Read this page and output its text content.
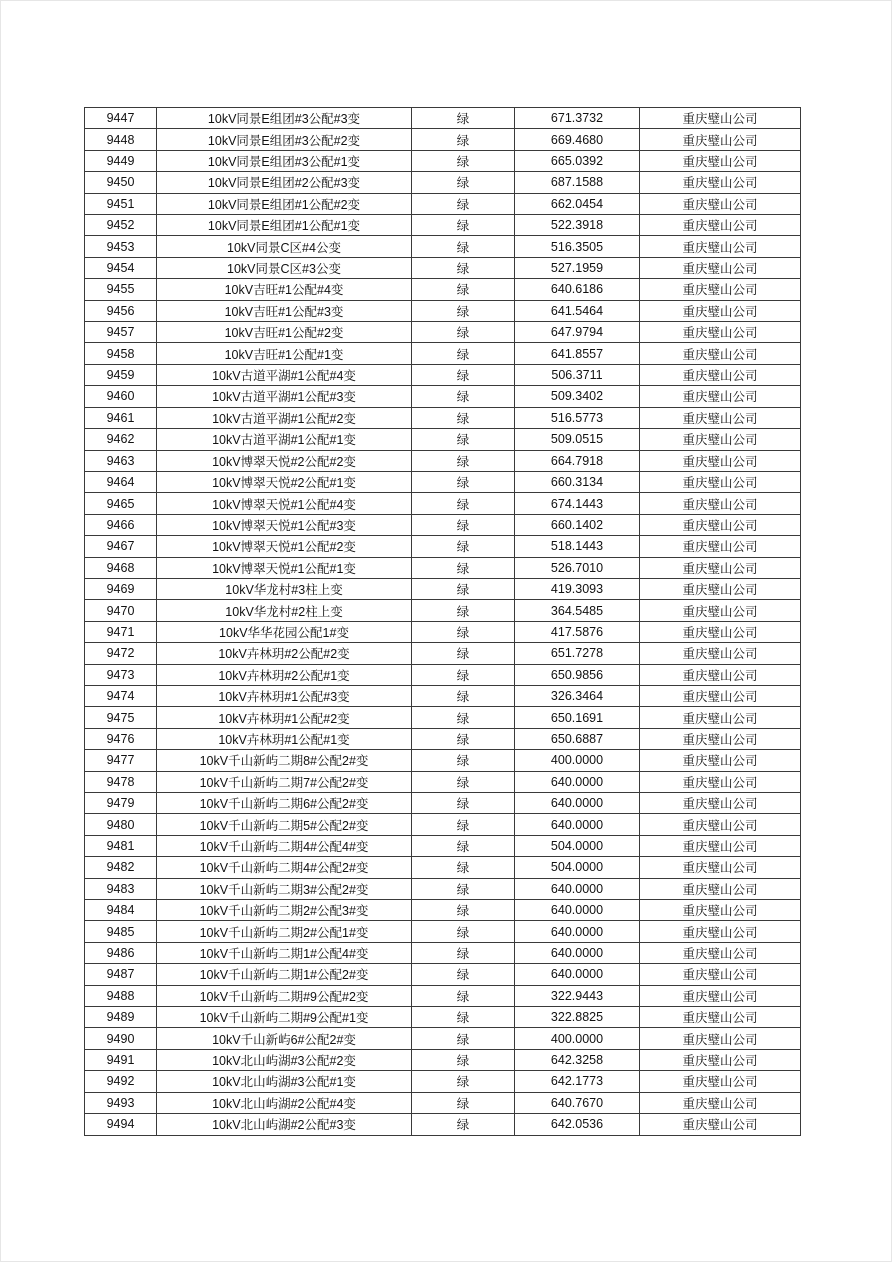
9447	10kV同景E组团#3公配#3变	绿	671.3732	重庆璧山公司
9448	10kV同景E组团#3公配#2变	绿	669.4680	重庆璧山公司
9449	10kV同景E组团#3公配#1变	绿	665.0392	重庆璧山公司
9450	10kV同景E组团#2公配#3变	绿	687.1588	重庆璧山公司
9451	10kV同景E组团#1公配#2变	绿	662.0454	重庆璧山公司
9452	10kV同景E组团#1公配#1变	绿	522.3918	重庆璧山公司
9453	10kV同景C区#4公变	绿	516.3505	重庆璧山公司
9454	10kV同景C区#3公变	绿	527.1959	重庆璧山公司
9455	10kV吉旺#1公配#4变	绿	640.6186	重庆璧山公司
9456	10kV吉旺#1公配#3变	绿	641.5464	重庆璧山公司
9457	10kV吉旺#1公配#2变	绿	647.9794	重庆璧山公司
9458	10kV吉旺#1公配#1变	绿	641.8557	重庆璧山公司
9459	10kV古道平湖#1公配#4变	绿	506.3711	重庆璧山公司
9460	10kV古道平湖#1公配#3变	绿	509.3402	重庆璧山公司
9461	10kV古道平湖#1公配#2变	绿	516.5773	重庆璧山公司
9462	10kV古道平湖#1公配#1变	绿	509.0515	重庆璧山公司
9463	10kV博翠天悦#2公配#2变	绿	664.7918	重庆璧山公司
9464	10kV博翠天悦#2公配#1变	绿	660.3134	重庆璧山公司
9465	10kV博翠天悦#1公配#4变	绿	674.1443	重庆璧山公司
9466	10kV博翠天悦#1公配#3变	绿	660.1402	重庆璧山公司
9467	10kV博翠天悦#1公配#2变	绿	518.1443	重庆璧山公司
9468	10kV博翠天悦#1公配#1变	绿	526.7010	重庆璧山公司
9469	10kV华龙村#3柱上变	绿	419.3093	重庆璧山公司
9470	10kV华龙村#2柱上变	绿	364.5485	重庆璧山公司
9471	10kV华华花园公配1#变	绿	417.5876	重庆璧山公司
9472	10kV卉林玥#2公配#2变	绿	651.7278	重庆璧山公司
9473	10kV卉林玥#2公配#1变	绿	650.9856	重庆璧山公司
9474	10kV卉林玥#1公配#3变	绿	326.3464	重庆璧山公司
9475	10kV卉林玥#1公配#2变	绿	650.1691	重庆璧山公司
9476	10kV卉林玥#1公配#1变	绿	650.6887	重庆璧山公司
9477	10kV千山新屿二期8#公配2#变	绿	400.0000	重庆璧山公司
9478	10kV千山新屿二期7#公配2#变	绿	640.0000	重庆璧山公司
9479	10kV千山新屿二期6#公配2#变	绿	640.0000	重庆璧山公司
9480	10kV千山新屿二期5#公配2#变	绿	640.0000	重庆璧山公司
9481	10kV千山新屿二期4#公配4#变	绿	504.0000	重庆璧山公司
9482	10kV千山新屿二期4#公配2#变	绿	504.0000	重庆璧山公司
9483	10kV千山新屿二期3#公配2#变	绿	640.0000	重庆璧山公司
9484	10kV千山新屿二期2#公配3#变	绿	640.0000	重庆璧山公司
9485	10kV千山新屿二期2#公配1#变	绿	640.0000	重庆璧山公司
9486	10kV千山新屿二期1#公配4#变	绿	640.0000	重庆璧山公司
9487	10kV千山新屿二期1#公配2#变	绿	640.0000	重庆璧山公司
9488	10kV千山新屿二期#9公配#2变	绿	322.9443	重庆璧山公司
9489	10kV千山新屿二期#9公配#1变	绿	322.8825	重庆璧山公司
9490	10kV千山新屿6#公配2#变	绿	400.0000	重庆璧山公司
9491	10kV北山屿湖#3公配#2变	绿	642.3258	重庆璧山公司
9492	10kV北山屿湖#3公配#1变	绿	642.1773	重庆璧山公司
9493	10kV北山屿湖#2公配#4变	绿	640.7670	重庆璧山公司
9494	10kV北山屿湖#2公配#3变	绿	642.0536	重庆璧山公司
